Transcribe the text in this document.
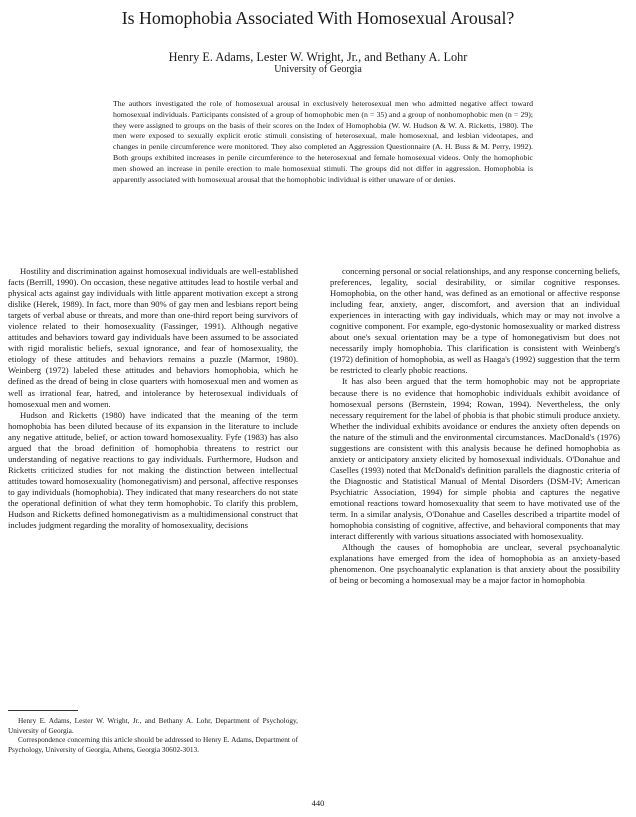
Is Homophobia Associated With Homosexual Arousal?
Henry E. Adams, Lester W. Wright, Jr., and Bethany A. Lohr
University of Georgia

The authors investigated the role of homosexual arousal in exclusively heterosexual men who admitted negative affect toward homosexual individuals. Participants consisted of a group of homophobic men (n = 35) and a group of nonhomophobic men (n = 29); they were assigned to groups on the basis of their scores on the Index of Homophobia (W. W. Hudson & W. A. Ricketts, 1980). The men were exposed to sexually explicit erotic stimuli consisting of heterosexual, male homosexual, and lesbian videotapes, and changes in penile circumference were monitored. They also completed an Aggression Questionnaire (A. H. Buss & M. Perry, 1992). Both groups exhibited increases in penile circumference to the heterosexual and female homosexual videos. Only the homophobic men showed an increase in penile erection to male homosexual stimuli. The groups did not differ in aggression. Homophobia is apparently associated with homosexual arousal that the homophobic individual is either unaware of or denies.

Hostility and discrimination against homosexual individuals are well-established facts (Berrill, 1990). On occasion, these negative attitudes lead to hostile verbal and physical acts against gay individuals with little apparent motivation except a strong dislike (Herek, 1989). In fact, more than 90% of gay men and lesbians report being targets of verbal abuse or threats, and more than one-third report being survivors of violence related to their homosexuality (Fassinger, 1991). Although negative attitudes and behaviors toward gay individuals have been assumed to be associated with rigid moralistic beliefs, sexual ignorance, and fear of homosexuality, the etiology of these attitudes and behaviors remains a puzzle (Marmor, 1980). Weinberg (1972) labeled these attitudes and behaviors homophobia, which he defined as the dread of being in close quarters with homosexual men and women as well as irrational fear, hatred, and intolerance by heterosexual individuals of homosexual men and women.

Hudson and Ricketts (1980) have indicated that the meaning of the term homophobia has been diluted because of its expansion in the literature to include any negative attitude, belief, or action toward homosexuality. Fyfe (1983) has also argued that the broad definition of homophobia threatens to restrict our understanding of negative reactions to gay individuals. Furthermore, Hudson and Ricketts criticized studies for not making the distinction between intellectual attitudes toward homosexuality (homonegativism) and personal, affective responses to gay individuals (homophobia). They indicated that many researchers do not state the operational definition of what they term homophobic. To clarify this problem, Hudson and Ricketts defined homonegativism as a multidimensional construct that includes judgment regarding the morality of homosexuality, decisions

concerning personal or social relationships, and any response concerning beliefs, preferences, legality, social desirability, or similar cognitive responses. Homophobia, on the other hand, was defined as an emotional or affective response including fear, anxiety, anger, discomfort, and aversion that an individual experiences in interacting with gay individuals, which may or may not involve a cognitive component. For example, ego-dystonic homosexuality or marked distress about one's sexual orientation may be a type of homonegativism but does not necessarily imply homophobia. This clarification is consistent with Weinberg's (1972) definition of homophobia, as well as Haaga's (1992) suggestion that the term be restricted to clearly phobic reactions.

It has also been argued that the term homophobic may not be appropriate because there is no evidence that homophobic individuals exhibit avoidance of homosexual persons (Bernstein, 1994; Rowan, 1994). Nevertheless, the only necessary requirement for the label of phobia is that phobic stimuli produce anxiety. Whether the individual exhibits avoidance or endures the anxiety often depends on the nature of the stimuli and the environmental circumstances. MacDonald's (1976) suggestions are consistent with this analysis because he defined homophobia as anxiety or anticipatory anxiety elicited by homosexual individuals. O'Donahue and Caselles (1993) noted that McDonald's definition parallels the diagnostic criteria of the Diagnostic and Statistical Manual of Mental Disorders (DSM-IV; American Psychiatric Association, 1994) for simple phobia and captures the negative emotional reactions toward homosexuality that seem to have motivated use of the term. In a similar analysis, O'Donahue and Caselles described a tripartite model of homophobia consisting of cognitive, affective, and behavioral components that may interact differently with various situations associated with homosexuality.

Although the causes of homophobia are unclear, several psychoanalytic explanations have emerged from the idea of homophobia as an anxiety-based phenomenon. One psychoanalytic explanation is that anxiety about the possibility of being or becoming a homosexual may be a major factor in homophobia

Henry E. Adams, Lester W. Wright, Jr., and Bethany A. Lohr, Department of Psychology, University of Georgia.

Correspondence concerning this article should be addressed to Henry E. Adams, Department of Psychology, University of Georgia, Athens, Georgia 30602-3013.

440
